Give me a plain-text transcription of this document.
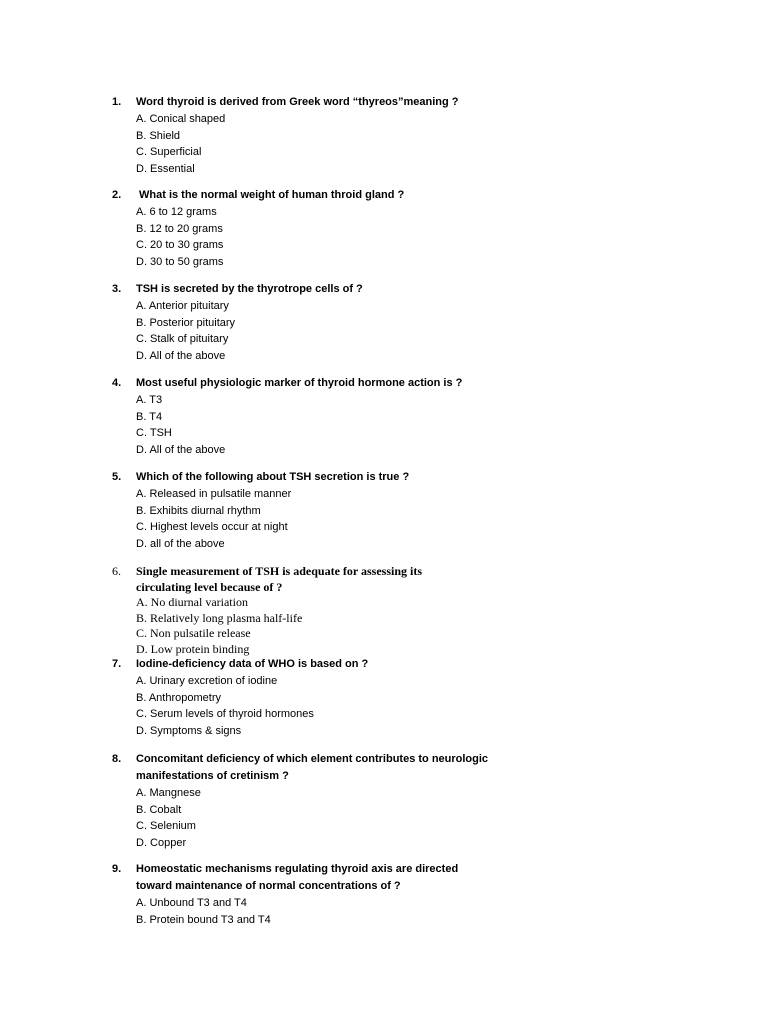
1.	Word thyroid is derived from Greek word “thyreos”meaning ?
A. Conical shaped
B. Shield
C. Superficial
D. Essential
2.	What is the normal weight of human throid gland ?
A. 6 to 12 grams
B. 12 to 20 grams
C. 20 to 30 grams
D. 30 to 50 grams
3.	TSH is secreted by the thyrotrope cells of ?
A. Anterior pituitary
B. Posterior pituitary
C. Stalk of pituitary
D. All of the above
4.	Most useful physiologic marker of thyroid hormone action is ?
A. T3
B. T4
C. TSH
D. All of the above
5.	Which of the following about TSH secretion is true ?
A. Released in pulsatile manner
B. Exhibits diurnal rhythm
C. Highest levels occur at night
D. all of the above
6.	Single measurement of TSH is adequate for assessing its circulating level because of ?
A. No diurnal variation
B. Relatively long plasma half-life
C. Non pulsatile release
D. Low protein binding
7.	Iodine-deficiency data of WHO is based on ?
A. Urinary excretion of iodine
B. Anthropometry
C. Serum levels of thyroid hormones
D. Symptoms & signs
8.	Concomitant deficiency of which element contributes to neurologic manifestations of cretinism ?
A. Mangnese
B. Cobalt
C. Selenium
D. Copper
9.	Homeostatic mechanisms regulating thyroid axis are directed toward maintenance of normal concentrations of ?
A. Unbound T3 and T4
B. Protein bound T3 and T4
